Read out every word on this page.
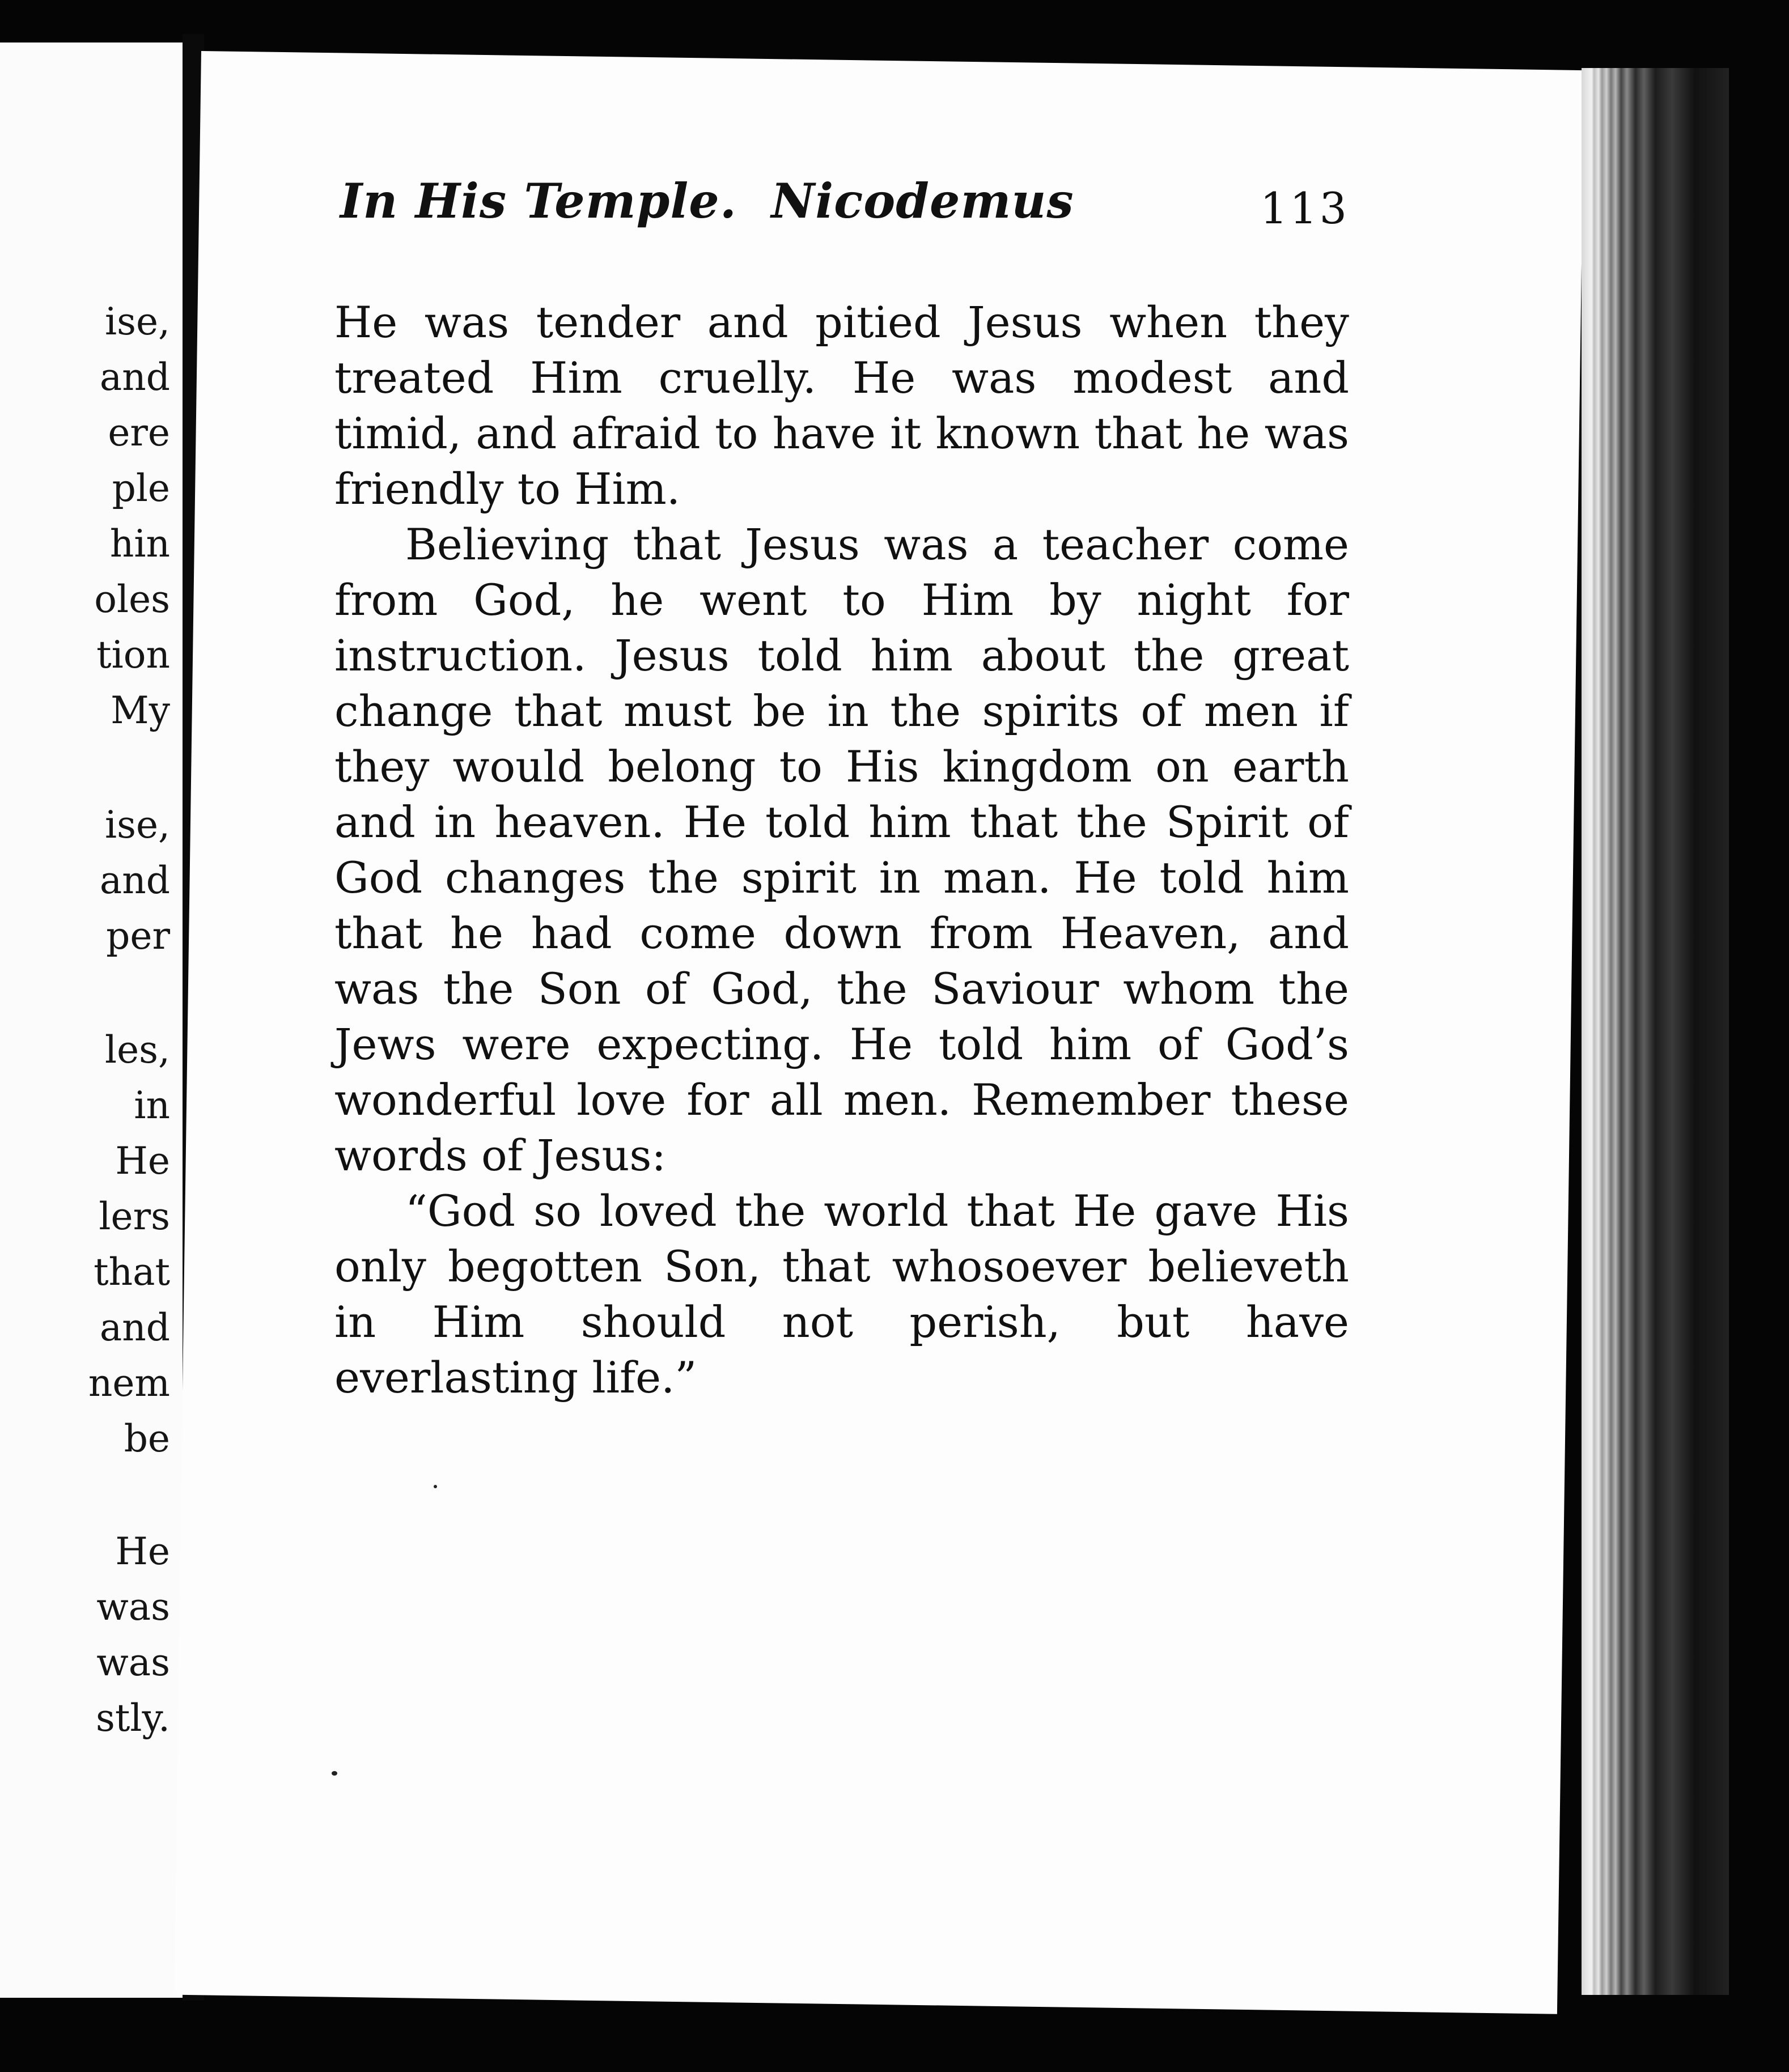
ise,
and
ere
ple
hin
oles
tion
My
ise,
and
per
les,
in
He
lers
that
and
nem
be
He
was
was
stly.
In His Temple.  Nicodemus	113

He was tender and pitied Jesus when they treated Him cruelly. He was modest and timid, and afraid to have it known that he was friendly to Him.

Believing that Jesus was a teacher come from God, he went to Him by night for instruction. Jesus told him about the great change that must be in the spirits of men if they would belong to His kingdom on earth and in heaven. He told him that the Spirit of God changes the spirit in man. He told him that he had come down from Heaven, and was the Son of God, the Saviour whom the Jews were expecting. He told him of God’s wonderful love for all men. Remember these words of Jesus:

“God so loved the world that He gave His only begotten Son, that whosoever believeth in Him should not perish, but have everlasting life.”
